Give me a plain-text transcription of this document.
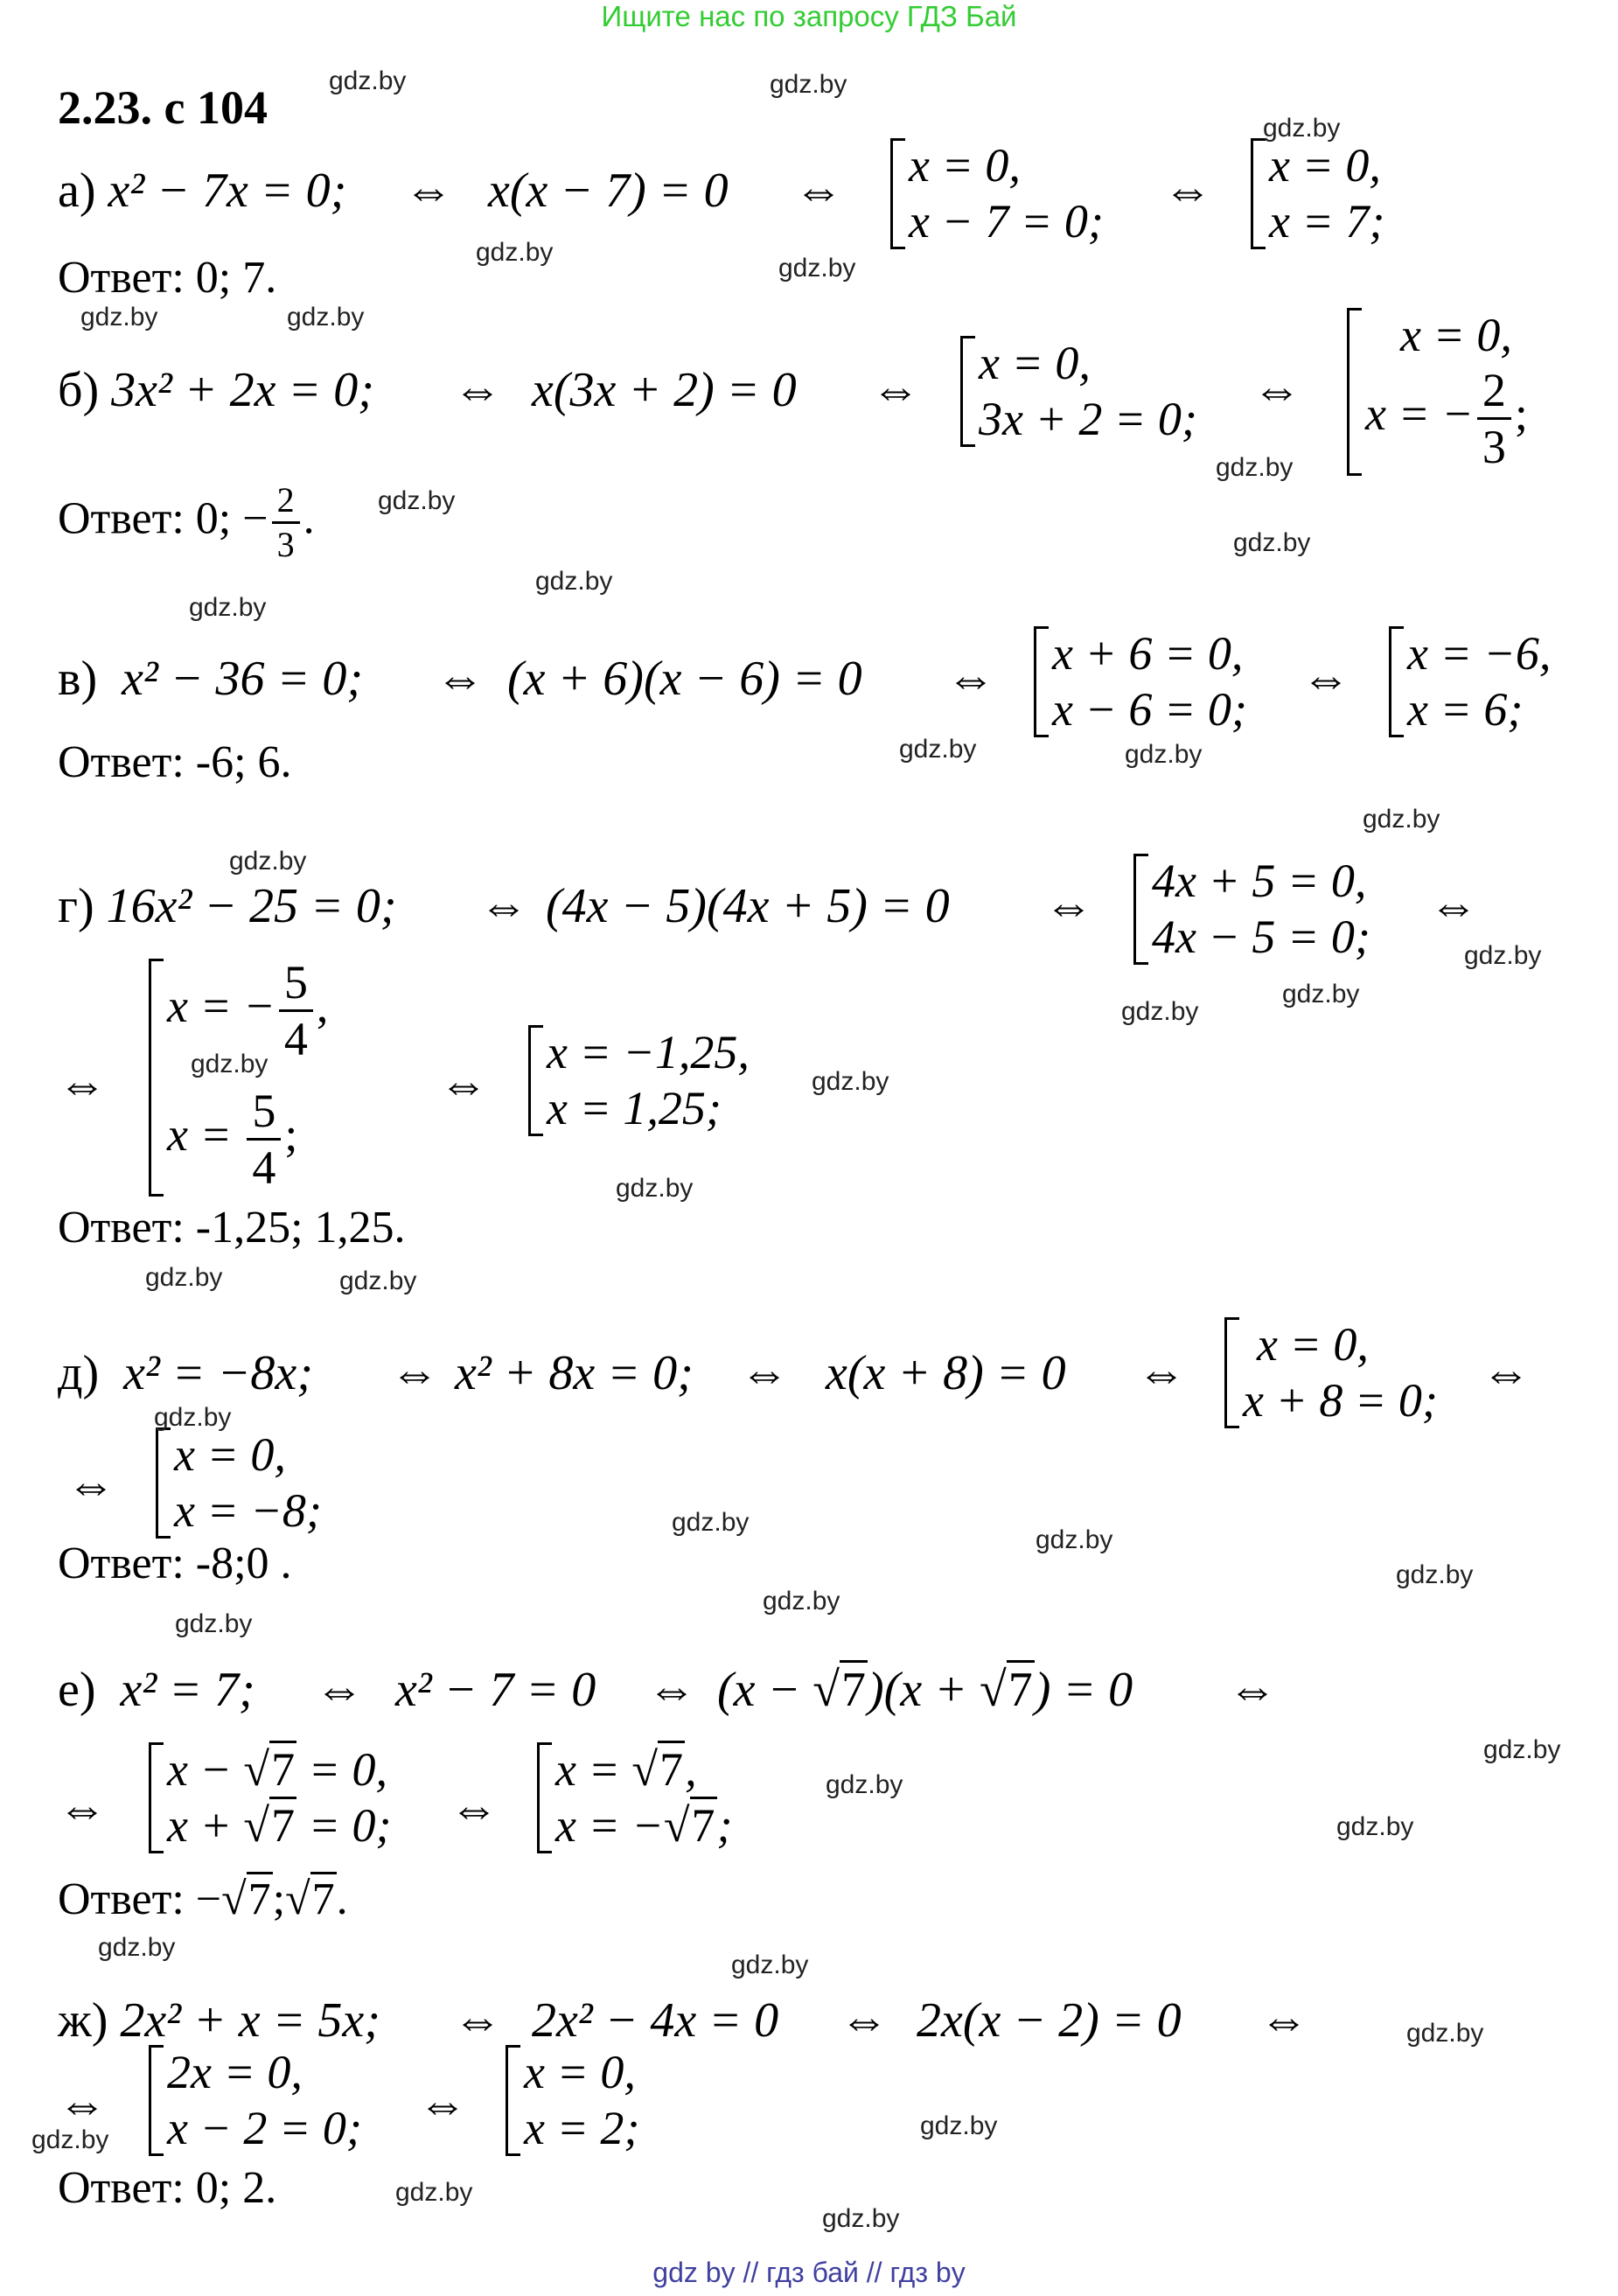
Ищите нас по запросу ГДЗ Бай
2.23. с 104
а) x² − 7x = 0; ⇔ x(x − 7) = 0 ⇔ x = 0,
x − 7 = 0;
⇔ x = 0,
x = 7;
Ответ: 0; 7.
б) 3x² + 2x = 0; ⇔ x(3x + 2) = 0 ⇔ x = 0,
3x + 2 = 0;
⇔
x = 0,
x = − $\frac{2}{3}$ ;
Ответ: 0; − $\frac{2}{3}$ .
в) x² − 36 = 0; ⇔ (x + 6)(x − 6) = 0 ⇔ x + 6 = 0,
x − 6 = 0;
⇔ x = −6,
x = 6;
Ответ: -6; 6.
г) 16x² − 25 = 0; ⇔ (4x − 5)(4x + 5) = 0 ⇔ 4x + 5 = 0,
4x − 5 = 0;
⇔
⇔
x = − $\frac{5}{4}$ ,
$x = \frac{5}{4}$ ;
⇔
x = −1,25,
x = 1,25;
Ответ: -1,25; 1,25.
д) x² = −8x; ⇔ x² + 8x = 0; ⇔ x(x + 8) = 0 ⇔
x = 0,
x + 8 = 0; ⇔
⇔
x = 0,
x = −8;
Ответ: -8;0 .
е) x² = 7; ⇔ x² − 7 = 0 ⇔ (x − √7)(x + √7) = 0 ⇔
⇔
x − √7 = 0,
x + √7 = 0; ⇔
x = √7,
x = −√7;
Ответ: −√7;√7.
ж) 2x² + x = 5x; ⇔ 2x² − 4x = 0 ⇔ 2x(x − 2) = 0 ⇔
⇔
2x = 0,
x − 2 = 0; ⇔
x = 0,
x = 2;
Ответ: 0; 2.
gdz.by	gdz.by
gdz.by
gdz.by
gdz.by
gdz.by	gdz.by
gdz.by
gdz.by
gdz.by
gdz.by
gdz.by
gdz.by	gdz.by
gdz.by
gdz.by
gdz.by
gdz.by
gdz.by
gdz.by
gdz.by
gdz.by
gdz.by	gdz.by
gdz.by
gdz.by
gdz.by
gdz.by
gdz.by
gdz.by
gdz.by
gdz.by
gdz.by
gdz.by
gdz.by
gdz.by
gdz.by	gdz.by
gdz.by
gdz.by
gdz by // гдз бай // гдз by
